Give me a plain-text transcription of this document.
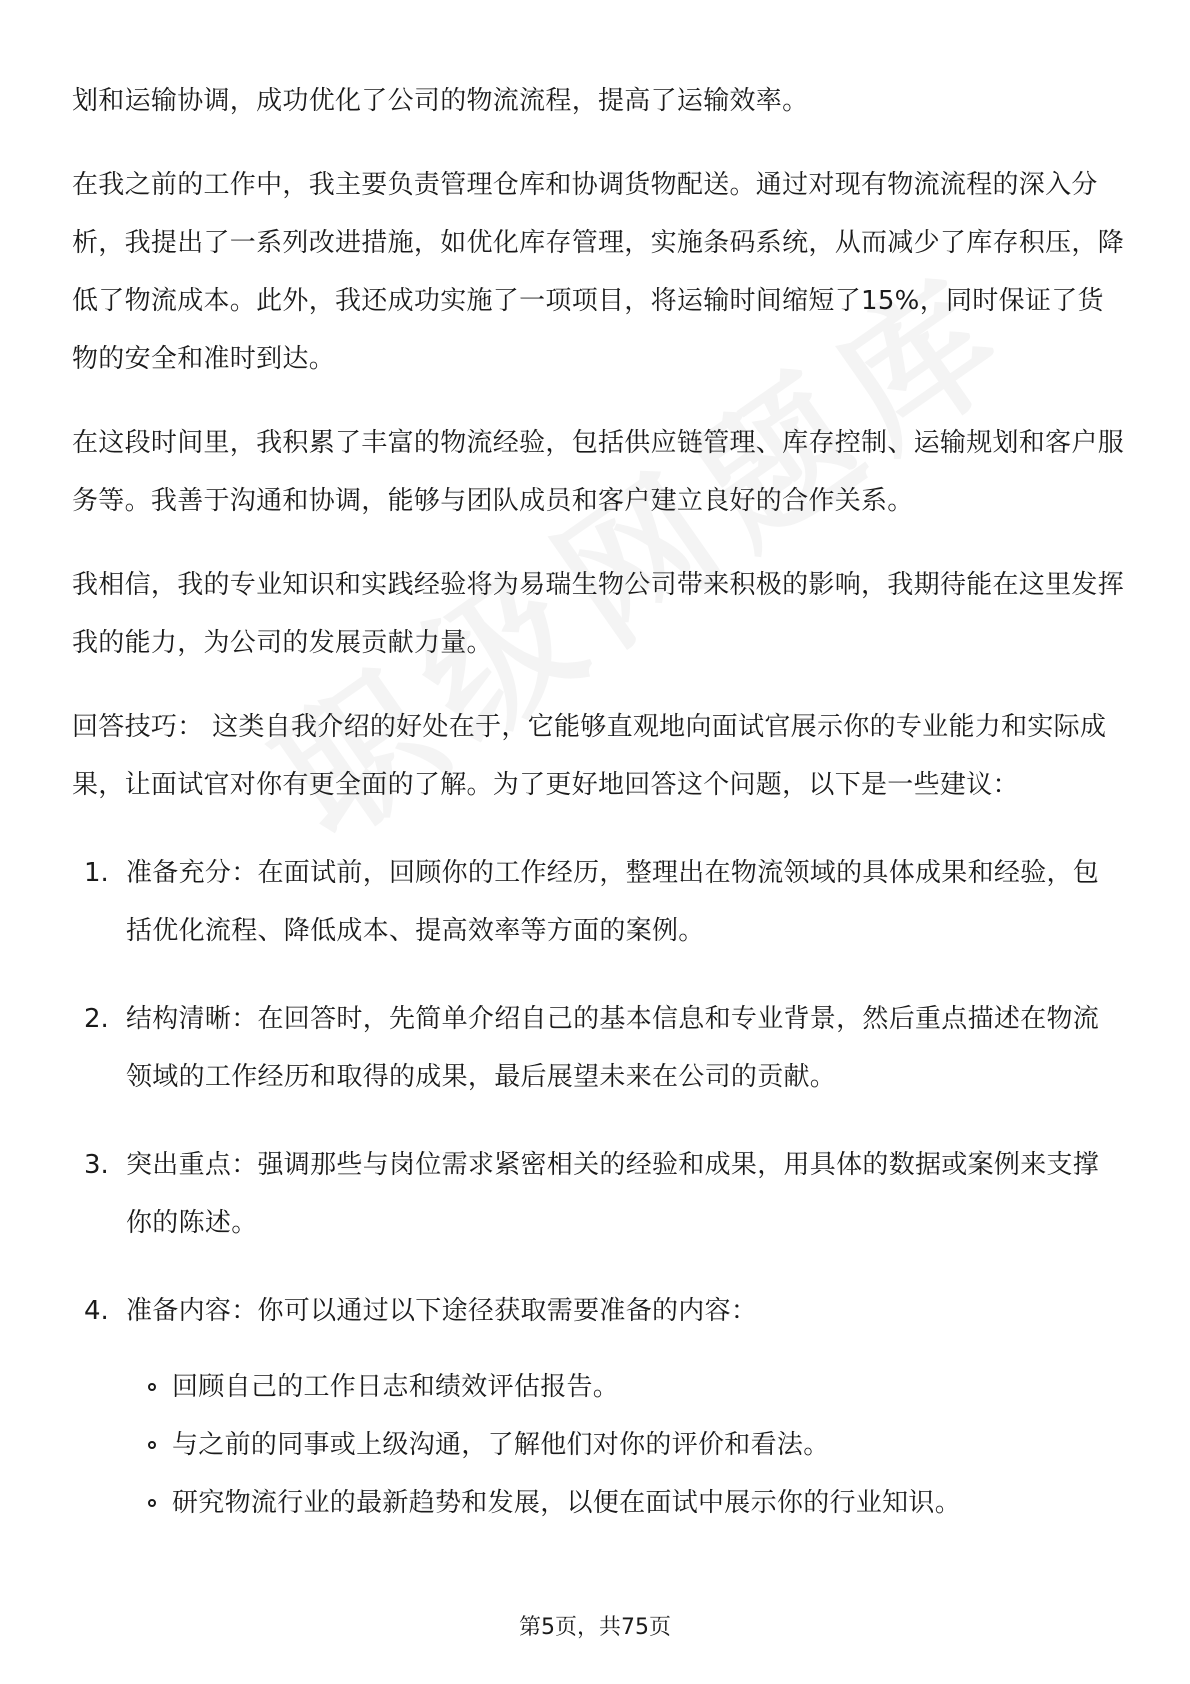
划和运输协调，成功优化了公司的物流流程，提高了运输效率。

在我之前的工作中，我主要负责管理仓库和协调货物配送。通过对现有物流流程的深入分析，我提出了一系列改进措施，如优化库存管理，实施条码系统，从而减少了库存积压，降低了物流成本。此外，我还成功实施了一项项目，将运输时间缩短了15%，同时保证了货物的安全和准时到达。

在这段时间里，我积累了丰富的物流经验，包括供应链管理、库存控制、运输规划和客户服务等。我善于沟通和协调，能够与团队成员和客户建立良好的合作关系。

我相信，我的专业知识和实践经验将为易瑞生物公司带来积极的影响，我期待能在这里发挥我的能力，为公司的发展贡献力量。

回答技巧： 这类自我介绍的好处在于，它能够直观地向面试官展示你的专业能力和实际成果，让面试官对你有更全面的了解。为了更好地回答这个问题，以下是一些建议：

1. 准备充分：在面试前，回顾你的工作经历，整理出在物流领域的具体成果和经验，包括优化流程、降低成本、提高效率等方面的案例。

2. 结构清晰：在回答时，先简单介绍自己的基本信息和专业背景，然后重点描述在物流领域的工作经历和取得的成果，最后展望未来在公司的贡献。

3. 突出重点：强调那些与岗位需求紧密相关的经验和成果，用具体的数据或案例来支撑你的陈述。

4. 准备内容：你可以通过以下途径获取需要准备的内容：

回顾自己的工作日志和绩效评估报告。

与之前的同事或上级沟通，了解他们对你的评价和看法。

研究物流行业的最新趋势和发展，以便在面试中展示你的行业知识。

第5页，共75页
